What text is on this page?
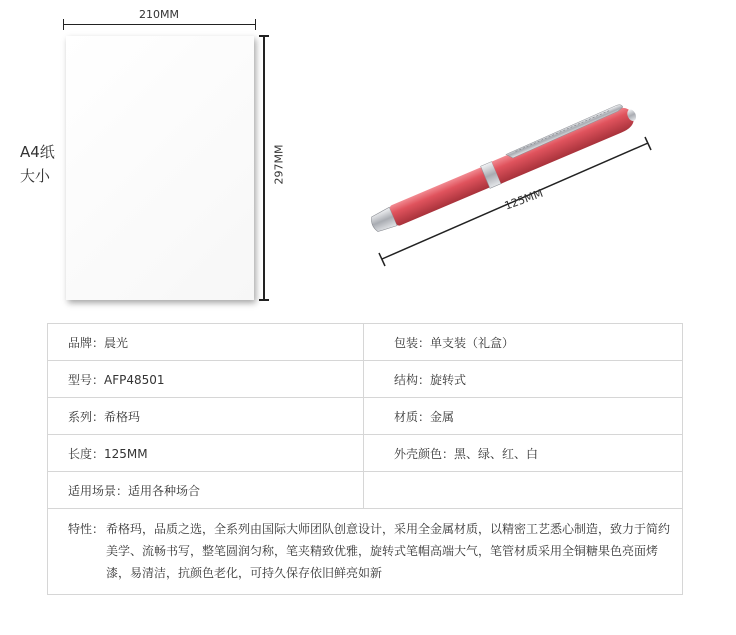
210MM
297MM
A4纸
大小
125MM
品牌：晨光	包装：单支装（礼盒）
型号：AFP48501	结构：旋转式
系列：希格玛	材质：金属
长度：125MM	外壳颜色：黑、绿、红、白
适用场景：适用各种场合
特性： 希格玛，品质之选，全系列由国际大师团队创意设计，采用全金属材质，以精密工艺悉心制造，致力于简约美学、流畅书写，整笔圆润匀称，笔夹精致优雅，旋转式笔帽高端大气，笔管材质采用全铜糖果色亮面烤漆，易清洁，抗颜色老化，可持久保存依旧鲜亮如新
